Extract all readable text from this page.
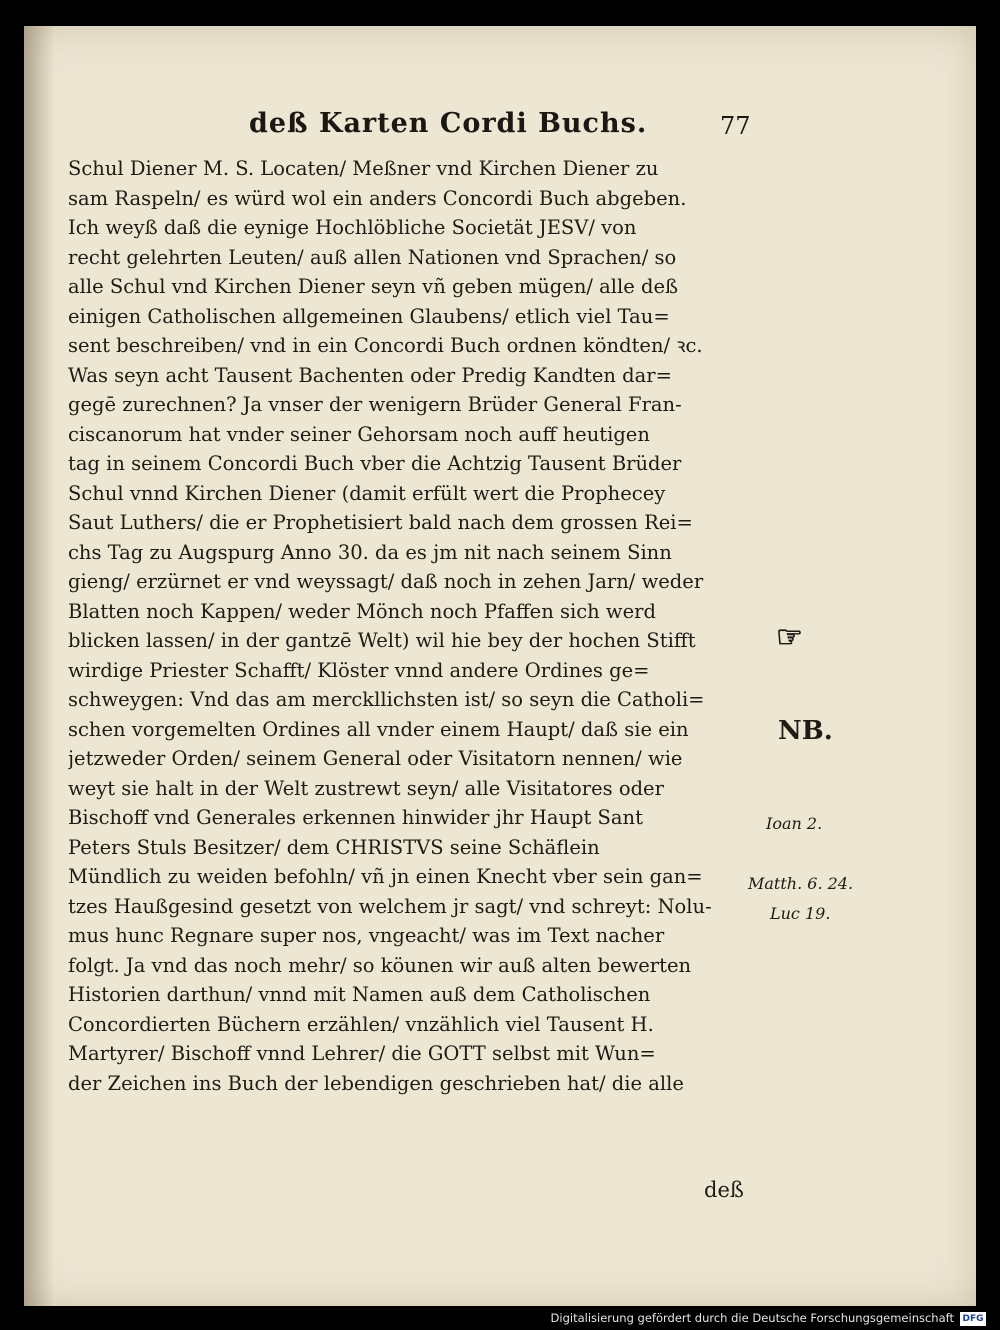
deß Karten Cordi Buchs.	77
Schul Diener M. S. Locaten/ Meßner vnd Kirchen Diener zu
sam Raspeln/ es würd wol ein anders Concordi Buch abgeben.
Ich weyß daß die eynige Hochlöbliche Societät JESV/ von
recht gelehrten Leuten/ auß allen Nationen vnd Sprachen/ so
alle Schul vnd Kirchen Diener seyn vñ geben mügen/ alle deß
einigen Catholischen allgemeinen Glaubens/ etlich viel Tau=
sent beschreiben/ vnd in ein Concordi Buch ordnen köndten/ ꝛc.
Was seyn acht Tausent Bachenten oder Predig Kandten dar=
gegē zurechnen? Ja vnser der wenigern Brüder General Fran-
ciscanorum hat vnder seiner Gehorsam noch auff heutigen
tag in seinem Concordi Buch vber die Achtzig Tausent Brüder
Schul vnnd Kirchen Diener (damit erfült wert die Prophecey
Saut Luthers/ die er Prophetisiert bald nach dem grossen Rei=
chs Tag zu Augspurg Anno 30. da es jm nit nach seinem Sinn
gieng/ erzürnet er vnd weyssagt/ daß noch in zehen Jarn/ weder
Blatten noch Kappen/ weder Mönch noch Pfaffen sich werd
blicken lassen/ in der gantzē Welt) wil hie bey der hochen Stifft
wirdige Priester Schafft/ Klöster vnnd andere Ordines ge=
schweygen: Vnd das am merckllichsten ist/ so seyn die Catholi=
schen vorgemelten Ordines all vnder einem Haupt/ daß sie ein
jetzweder Orden/ seinem General oder Visitatorn nennen/ wie
weyt sie halt in der Welt zustrewt seyn/ alle Visitatores oder
Bischoff vnd Generales erkennen hinwider jhr Haupt Sant
Peters Stuls Besitzer/ dem CHRISTVS seine Schäflein
Mündlich zu weiden befohln/ vñ jn einen Knecht vber sein gan=
tzes Haußgesind gesetzt von welchem jr sagt/ vnd schreyt: Nolu-
mus hunc Regnare super nos, vngeacht/ was im Text nacher
folgt. Ja vnd das noch mehr/ so köunen wir auß alten bewerten
Historien darthun/ vnnd mit Namen auß dem Catholischen
Concordierten Büchern erzählen/ vnzählich viel Tausent H.
Martyrer/ Bischoff vnnd Lehrer/ die GOTT selbst mit Wun=
der Zeichen ins Buch der lebendigen geschrieben hat/ die alle
deß
☞
NB.
Ioan 2.
Matth. 6. 24.
Luc 19.
Digitalisierung gefördert durch die Deutsche Forschungsgemeinschaft DFG
